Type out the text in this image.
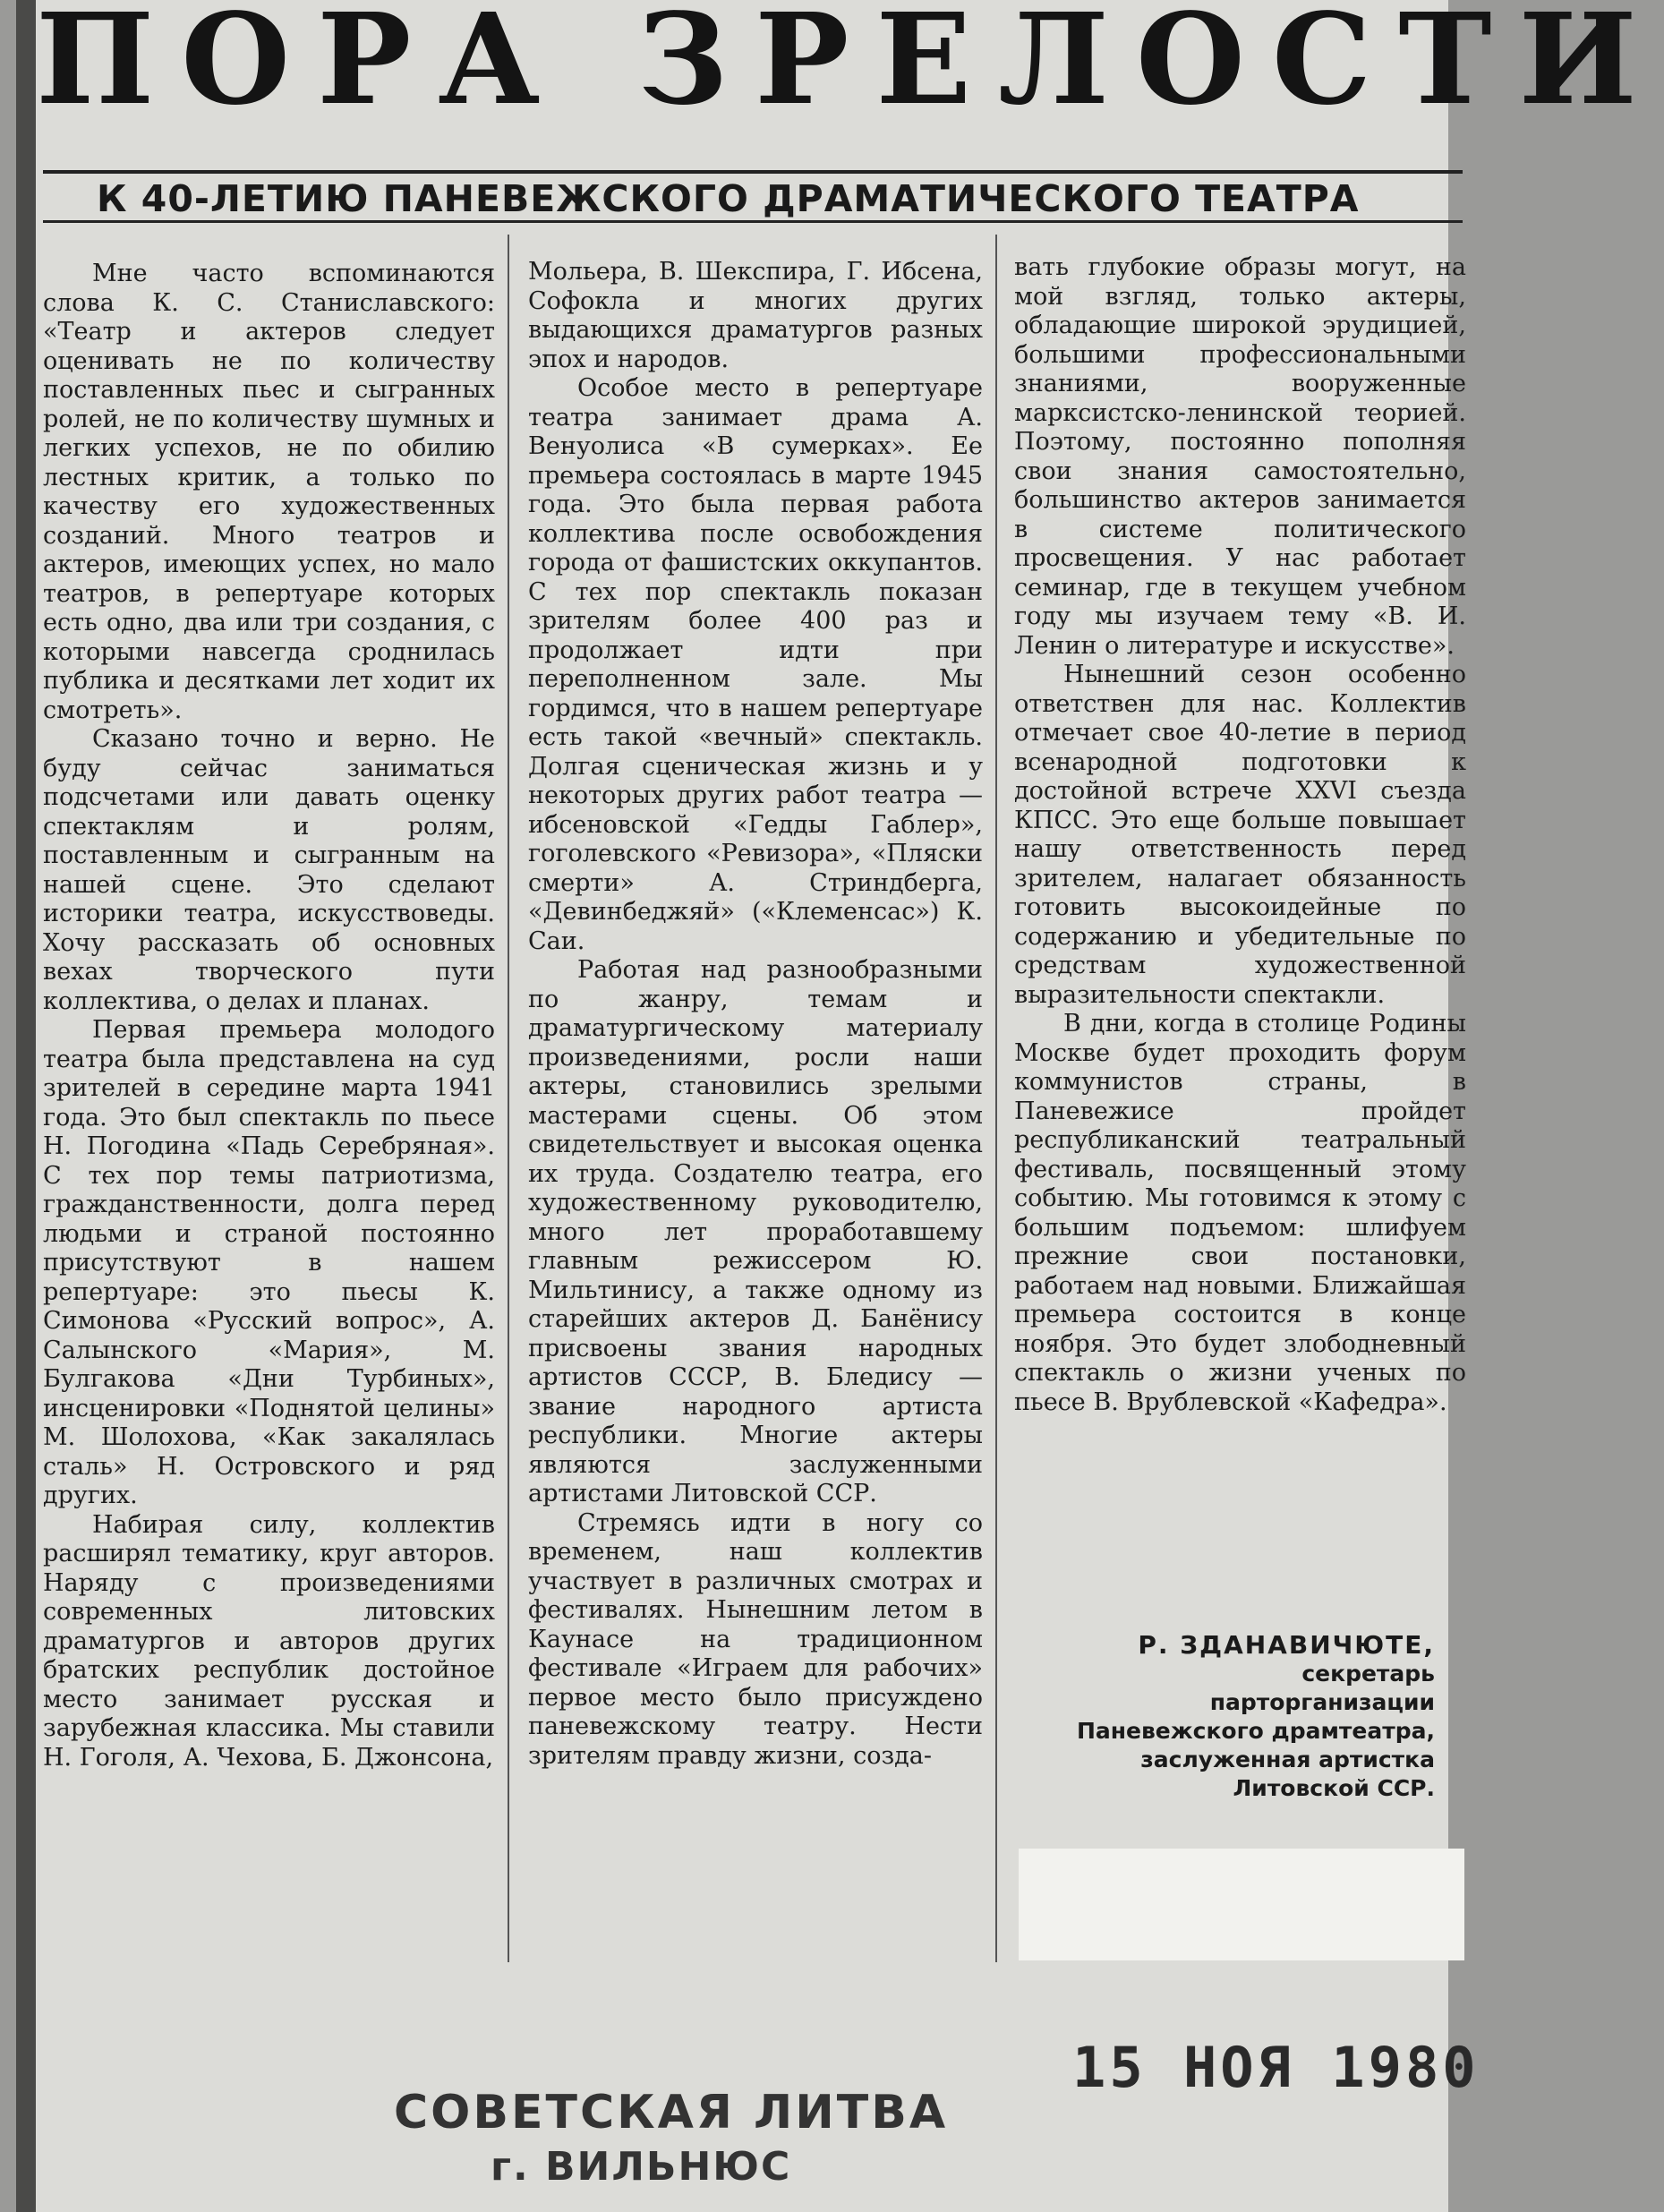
ПОРА ЗРЕЛОСТИ
К 40-ЛЕТИЮ ПАНЕВЕЖСКОГО ДРАМАТИЧЕСКОГО ТЕАТРА

Мне часто вспоминаются слова К. С. Станиславского: «Театр и актеров следует оценивать не по количеству поставленных пьес и сыгранных ролей, не по количеству шумных и легких успехов, не по обилию лестных критик, а только по качеству его художественных созданий. Много театров и актеров, имеющих успех, но мало театров, в репертуаре которых есть одно, два или три создания, с которыми навсегда сроднилась публика и десятками лет ходит их смотреть».

Сказано точно и верно. Не буду сейчас заниматься подсчетами или давать оценку спектаклям и ролям, поставленным и сыгранным на нашей сцене. Это сделают историки театра, искусствоведы. Хочу рассказать об основных вехах творческого пути коллектива, о делах и планах.

Первая премьера молодого театра была представлена на суд зрителей в середине марта 1941 года. Это был спектакль по пьесе Н. Погодина «Падь Серебряная». С тех пор темы патриотизма, гражданственности, долга перед людьми и страной постоянно присутствуют в нашем репертуаре: это пьесы К. Симонова «Русский вопрос», А. Салынского «Мария», М. Булгакова «Дни Турбиных», инсценировки «Поднятой целины» М. Шолохова, «Как закалялась сталь» Н. Островского и ряд других.

Набирая силу, коллектив расширял тематику, круг авторов. Наряду с произведениями современных литовских драматургов и авторов других братских республик достойное место занимает русская и зарубежная классика. Мы ставили Н. Гоголя, А. Чехова, Б. Джонсона,

Мольера, В. Шекспира, Г. Ибсена, Софокла и многих других выдающихся драматургов разных эпох и народов.

Особое место в репертуаре театра занимает драма А. Венуолиса «В сумерках». Ее премьера состоялась в марте 1945 года. Это была первая работа коллектива после освобождения города от фашистских оккупантов. С тех пор спектакль показан зрителям более 400 раз и продолжает идти при переполненном зале. Мы гордимся, что в нашем репертуаре есть такой «вечный» спектакль. Долгая сценическая жизнь и у некоторых других работ театра — ибсеновской «Гедды Габлер», гоголевского «Ревизора», «Пляски смерти» А. Стриндберга, «Девинбеджяй» («Клеменсас») К. Саи.

Работая над разнообразными по жанру, темам и драматургическому материалу произведениями, росли наши актеры, становились зрелыми мастерами сцены. Об этом свидетельствует и высокая оценка их труда. Создателю театра, его художественному руководителю, много лет проработавшему главным режиссером Ю. Мильтинису, а также одному из старейших актеров Д. Банёнису присвоены звания народных артистов СССР, В. Бледису — звание народного артиста республики. Многие актеры являются заслуженными артистами Литовской ССР.

Стремясь идти в ногу со временем, наш коллектив участвует в различных смотрах и фестивалях. Нынешним летом в Каунасе на традиционном фестивале «Играем для рабочих» первое место было присуждено паневежскому театру. Нести зрителям правду жизни, созда-

вать глубокие образы могут, на мой взгляд, только актеры, обладающие широкой эрудицией, большими профессиональными знаниями, вооруженные марксистско-ленинской теорией. Поэтому, постоянно пополняя свои знания самостоятельно, большинство актеров занимается в системе политического просвещения. У нас работает семинар, где в текущем учебном году мы изучаем тему «В. И. Ленин о литературе и искусстве».

Нынешний сезон особенно ответствен для нас. Коллектив отмечает свое 40-летие в период всенародной подготовки к достойной встрече XXVI съезда КПСС. Это еще больше повышает нашу ответственность перед зрителем, налагает обязанность готовить высокоидейные по содержанию и убедительные по средствам художественной выразительности спектакли.

В дни, когда в столице Родины Москве будет проходить форум коммунистов страны, в Паневежисе пройдет республиканский театральный фестиваль, посвященный этому событию. Мы готовимся к этому с большим подъемом: шлифуем прежние свои постановки, работаем над новыми. Ближайшая премьера состоится в конце ноября. Это будет злободневный спектакль о жизни ученых по пьесе В. Врублевской «Кафедра».

Р. ЗДАНАВИЧЮТЕ,
секретарь
парторганизации
Паневежского драмтеатра,
заслуженная артистка
Литовской ССР.
15 НОЯ 1980
СОВЕТСКАЯ ЛИТВА
г. ВИЛЬНЮС
